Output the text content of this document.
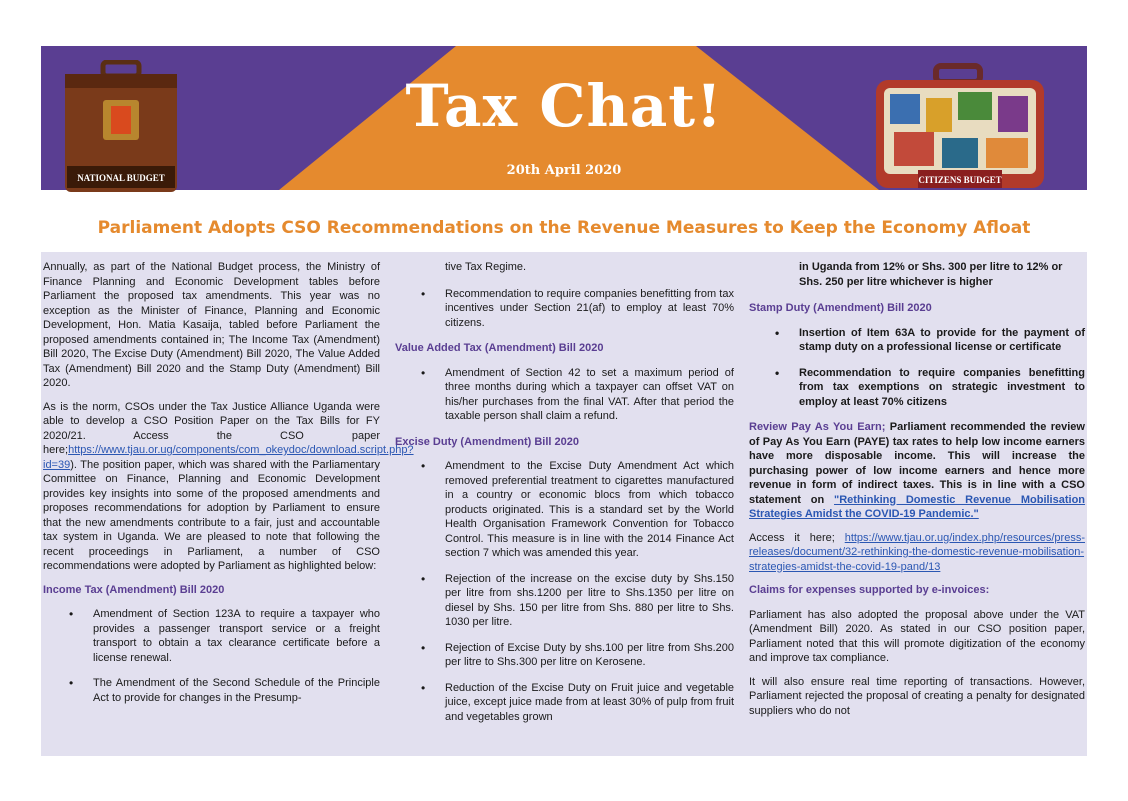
Tax Chat!
20th April 2020
NATIONAL BUDGET	CITIZENS BUDGET
Parliament Adopts CSO Recommendations on the Revenue Measures to Keep the Economy Afloat

Annually, as part of the National Budget process, the Ministry of Finance Planning and Economic Development tables before Parliament the proposed tax amendments. This year was no exception as the Minister of Finance, Planning and Economic Development, Hon. Matia Kasaija, tabled before Parliament the proposed amendments contained in; The Income Tax (Amendment) Bill 2020, The Excise Duty (Amendment) Bill 2020, The Value Added Tax (Amendment) Bill 2020 and the Stamp Duty (Amendment) Bill 2020.

As is the norm, CSOs under the Tax Justice Alliance Uganda were able to develop a CSO Position Paper on the Tax Bills for FY 2020/21. Access the CSO paper here;https://www.tjau.or.ug/components/com_okeydoc/download.script.php?id=39). The position paper, which was shared with the Parliamentary Committee on Finance, Planning and Economic Development provides key insights into some of the proposed amendments and proposes recommendations for adoption by Parliament to ensure that the new amendments contribute to a fair, just and accountable tax system in Uganda. We are pleased to note that following the recent proceedings in Parliament, a number of CSO recommendations were adopted by Parliament as highlighted below:

Income Tax (Amendment) Bill 2020
• Amendment of Section 123A to require a taxpayer who provides a passenger transport service or a freight transport to obtain a tax clearance certificate before a license renewal.
• The Amendment of the Second Schedule of the Principle Act to provide for changes in the Presump-
tive Tax Regime.
• Recommendation to require companies benefitting from tax incentives under Section 21(af) to employ at least 70% citizens.
Value Added Tax (Amendment) Bill 2020
• Amendment of Section 42 to set a maximum period of three months during which a taxpayer can offset VAT on his/her purchases from the final VAT. After that period the taxable person shall claim a refund.
Excise Duty (Amendment) Bill 2020
• Amendment to the Excise Duty Amendment Act which removed preferential treatment to cigarettes manufactured in a country or economic blocs from which tobacco products originated. This is a standard set by the World Health Organisation Framework Convention for Tobacco Control. This measure is in line with the 2014 Finance Act section 7 which was amended this year.
• Rejection of the increase on the excise duty by Shs.150 per litre from shs.1200 per litre to Shs.1350 per litre on diesel by Shs. 150 per litre from Shs. 880 per litre to Shs. 1030 per litre.
• Rejection of Excise Duty by shs.100 per litre from Shs.200 per litre to Shs.300 per litre on Kerosene.
• Reduction of the Excise Duty on Fruit juice and vegetable juice, except juice made from at least 30% of pulp from fruit and vegetables grown
in Uganda from 12% or Shs. 300 per litre to 12% or Shs. 250 per litre whichever is higher
Stamp Duty (Amendment) Bill 2020
• Insertion of Item 63A to provide for the payment of stamp duty on a professional license or certificate
• Recommendation to require companies benefitting from tax exemptions on strategic investment to employ at least 70% citizens

Review Pay As You Earn; Parliament recommended the review of Pay As You Earn (PAYE) tax rates to help low income earners have more disposable income. This will increase the purchasing power of low income earners and hence more revenue in form of indirect taxes. This is in line with a CSO statement on "Rethinking Domestic Revenue Mobilisation Strategies Amidst the COVID-19 Pandemic."

Access it here; https://www.tjau.or.ug/index.php/resources/press-releases/document/32-rethinking-the-domestic-revenue-mobilisation-strategies-amidst-the-covid-19-pand/13

Claims for expenses supported by e-invoices:

Parliament has also adopted the proposal above under the VAT (Amendment Bill) 2020. As stated in our CSO position paper, Parliament noted that this will promote digitization of the economy and improve tax compliance.

It will also ensure real time reporting of transactions. However, Parliament rejected the proposal of creating a penalty for designated suppliers who do not
